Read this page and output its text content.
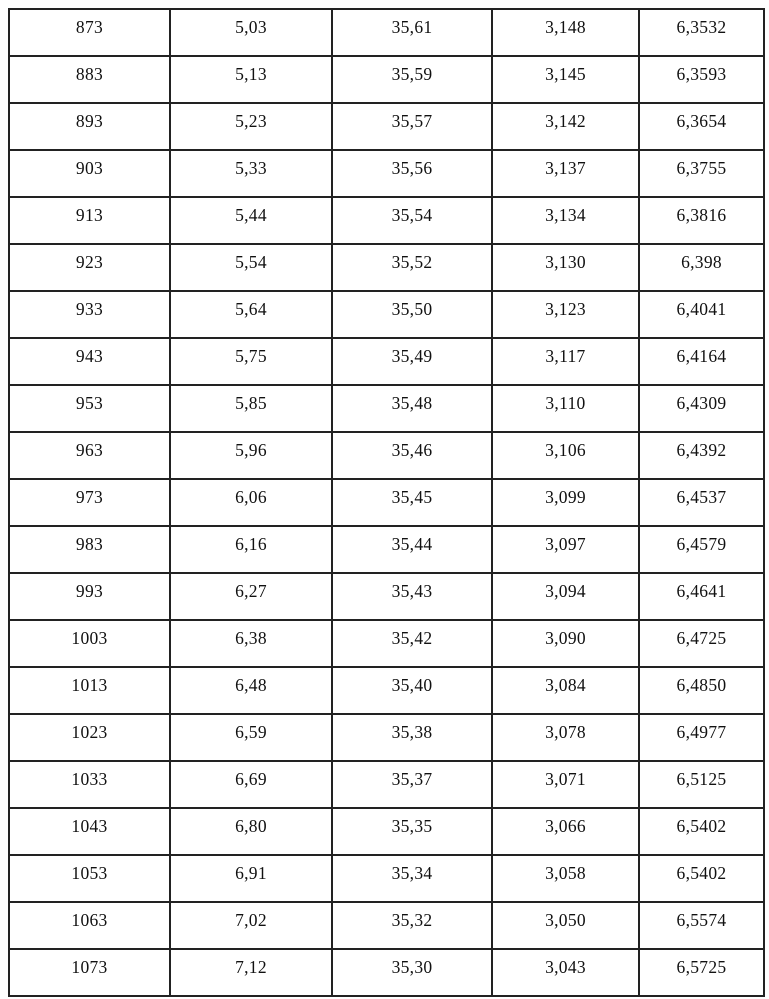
873	5,03	35,61	3,148	6,3532
883	5,13	35,59	3,145	6,3593
893	5,23	35,57	3,142	6,3654
903	5,33	35,56	3,137	6,3755
913	5,44	35,54	3,134	6,3816
923	5,54	35,52	3,130	6,398
933	5,64	35,50	3,123	6,4041
943	5,75	35,49	3,117	6,4164
953	5,85	35,48	3,110	6,4309
963	5,96	35,46	3,106	6,4392
973	6,06	35,45	3,099	6,4537
983	6,16	35,44	3,097	6,4579
993	6,27	35,43	3,094	6,4641
1003	6,38	35,42	3,090	6,4725
1013	6,48	35,40	3,084	6,4850
1023	6,59	35,38	3,078	6,4977
1033	6,69	35,37	3,071	6,5125
1043	6,80	35,35	3,066	6,5402
1053	6,91	35,34	3,058	6,5402
1063	7,02	35,32	3,050	6,5574
1073	7,12	35,30	3,043	6,5725
